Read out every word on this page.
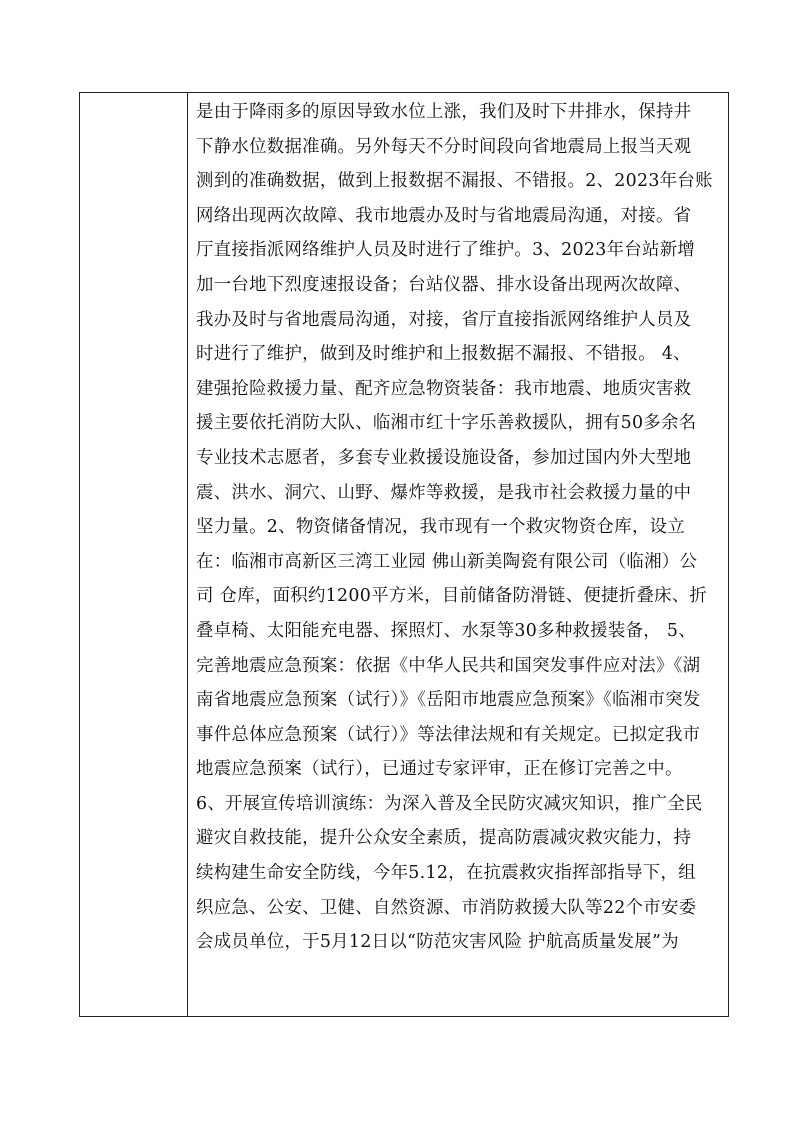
是由于降雨多的原因导致水位上涨，我们及时下井排水，保持井
下静水位数据准确。另外每天不分时间段向省地震局上报当天观
测到的准确数据，做到上报数据不漏报、不错报。2、2023年台账
网络出现两次故障、我市地震办及时与省地震局沟通，对接。省
厅直接指派网络维护人员及时进行了维护。3、2023年台站新增
加一台地下烈度速报设备；台站仪器、排水设备出现两次故障、
我办及时与省地震局沟通，对接，省厅直接指派网络维护人员及
时进行了维护，做到及时维护和上报数据不漏报、不错报。 4、
建强抢险救援力量、配齐应急物资装备：我市地震、地质灾害救
援主要依托消防大队、临湘市红十字乐善救援队，拥有50多余名
专业技术志愿者，多套专业救援设施设备，参加过国内外大型地
震、洪水、洞穴、山野、爆炸等救援，是我市社会救援力量的中
坚力量。2、物资储备情况，我市现有一个救灾物资仓库，设立
在：临湘市高新区三湾工业园 佛山新美陶瓷有限公司（临湘）公
司 仓库，面积约1200平方米，目前储备防滑链、便捷折叠床、折
叠卓椅、太阳能充电器、探照灯、水泵等30多种救援装备， 5、
完善地震应急预案：依据《中华人民共和国突发事件应对法》《湖
南省地震应急预案（试行）》《岳阳市地震应急预案》《临湘市突发
事件总体应急预案（试行）》等法律法规和有关规定。已拟定我市
地震应急预案（试行），已通过专家评审，正在修订完善之中。
6、开展宣传培训演练：为深入普及全民防灾减灾知识，推广全民
避灾自救技能，提升公众安全素质，提高防震减灾救灾能力，持
续构建生命安全防线，今年5.12，在抗震救灾指挥部指导下，组
织应急、公安、卫健、自然资源、市消防救援大队等22个市安委
会成员单位，于5月12日以“防范灾害风险 护航高质量发展”为
